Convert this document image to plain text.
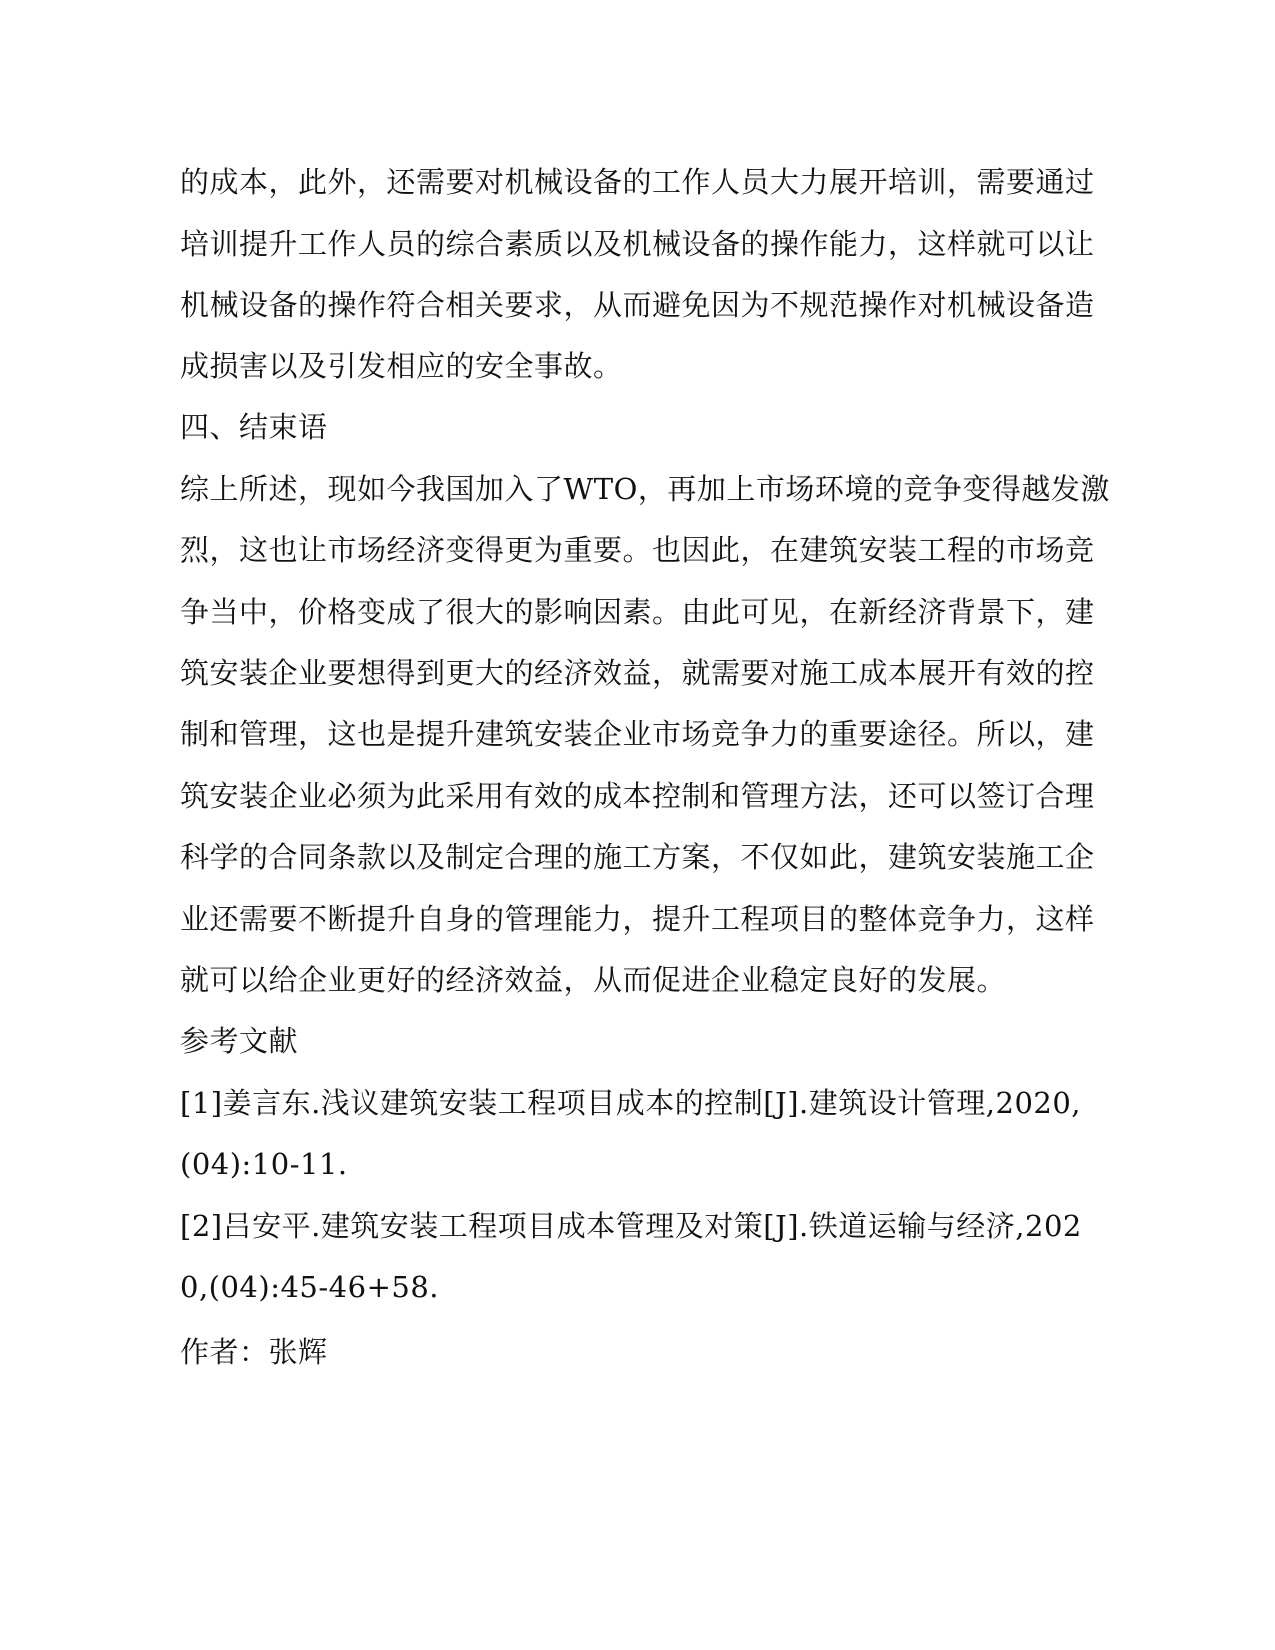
的成本，此外，还需要对机械设备的工作人员大力展开培训，需要通过
培训提升工作人员的综合素质以及机械设备的操作能力，这样就可以让
机械设备的操作符合相关要求，从而避免因为不规范操作对机械设备造
成损害以及引发相应的安全事故。
四、结束语
综上所述，现如今我国加入了WTO，再加上市场环境的竞争变得越发激
烈，这也让市场经济变得更为重要。也因此，在建筑安装工程的市场竞
争当中，价格变成了很大的影响因素。由此可见，在新经济背景下，建
筑安装企业要想得到更大的经济效益，就需要对施工成本展开有效的控
制和管理，这也是提升建筑安装企业市场竞争力的重要途径。所以，建
筑安装企业必须为此采用有效的成本控制和管理方法，还可以签订合理
科学的合同条款以及制定合理的施工方案，不仅如此，建筑安装施工企
业还需要不断提升自身的管理能力，提升工程项目的整体竞争力，这样
就可以给企业更好的经济效益，从而促进企业稳定良好的发展。
参考文献
[1]姜言东.浅议建筑安装工程项目成本的控制[J].建筑设计管理,2020,
(04):10-11.
[2]吕安平.建筑安装工程项目成本管理及对策[J].铁道运输与经济,202
0,(04):45-46+58.
作者：张辉
